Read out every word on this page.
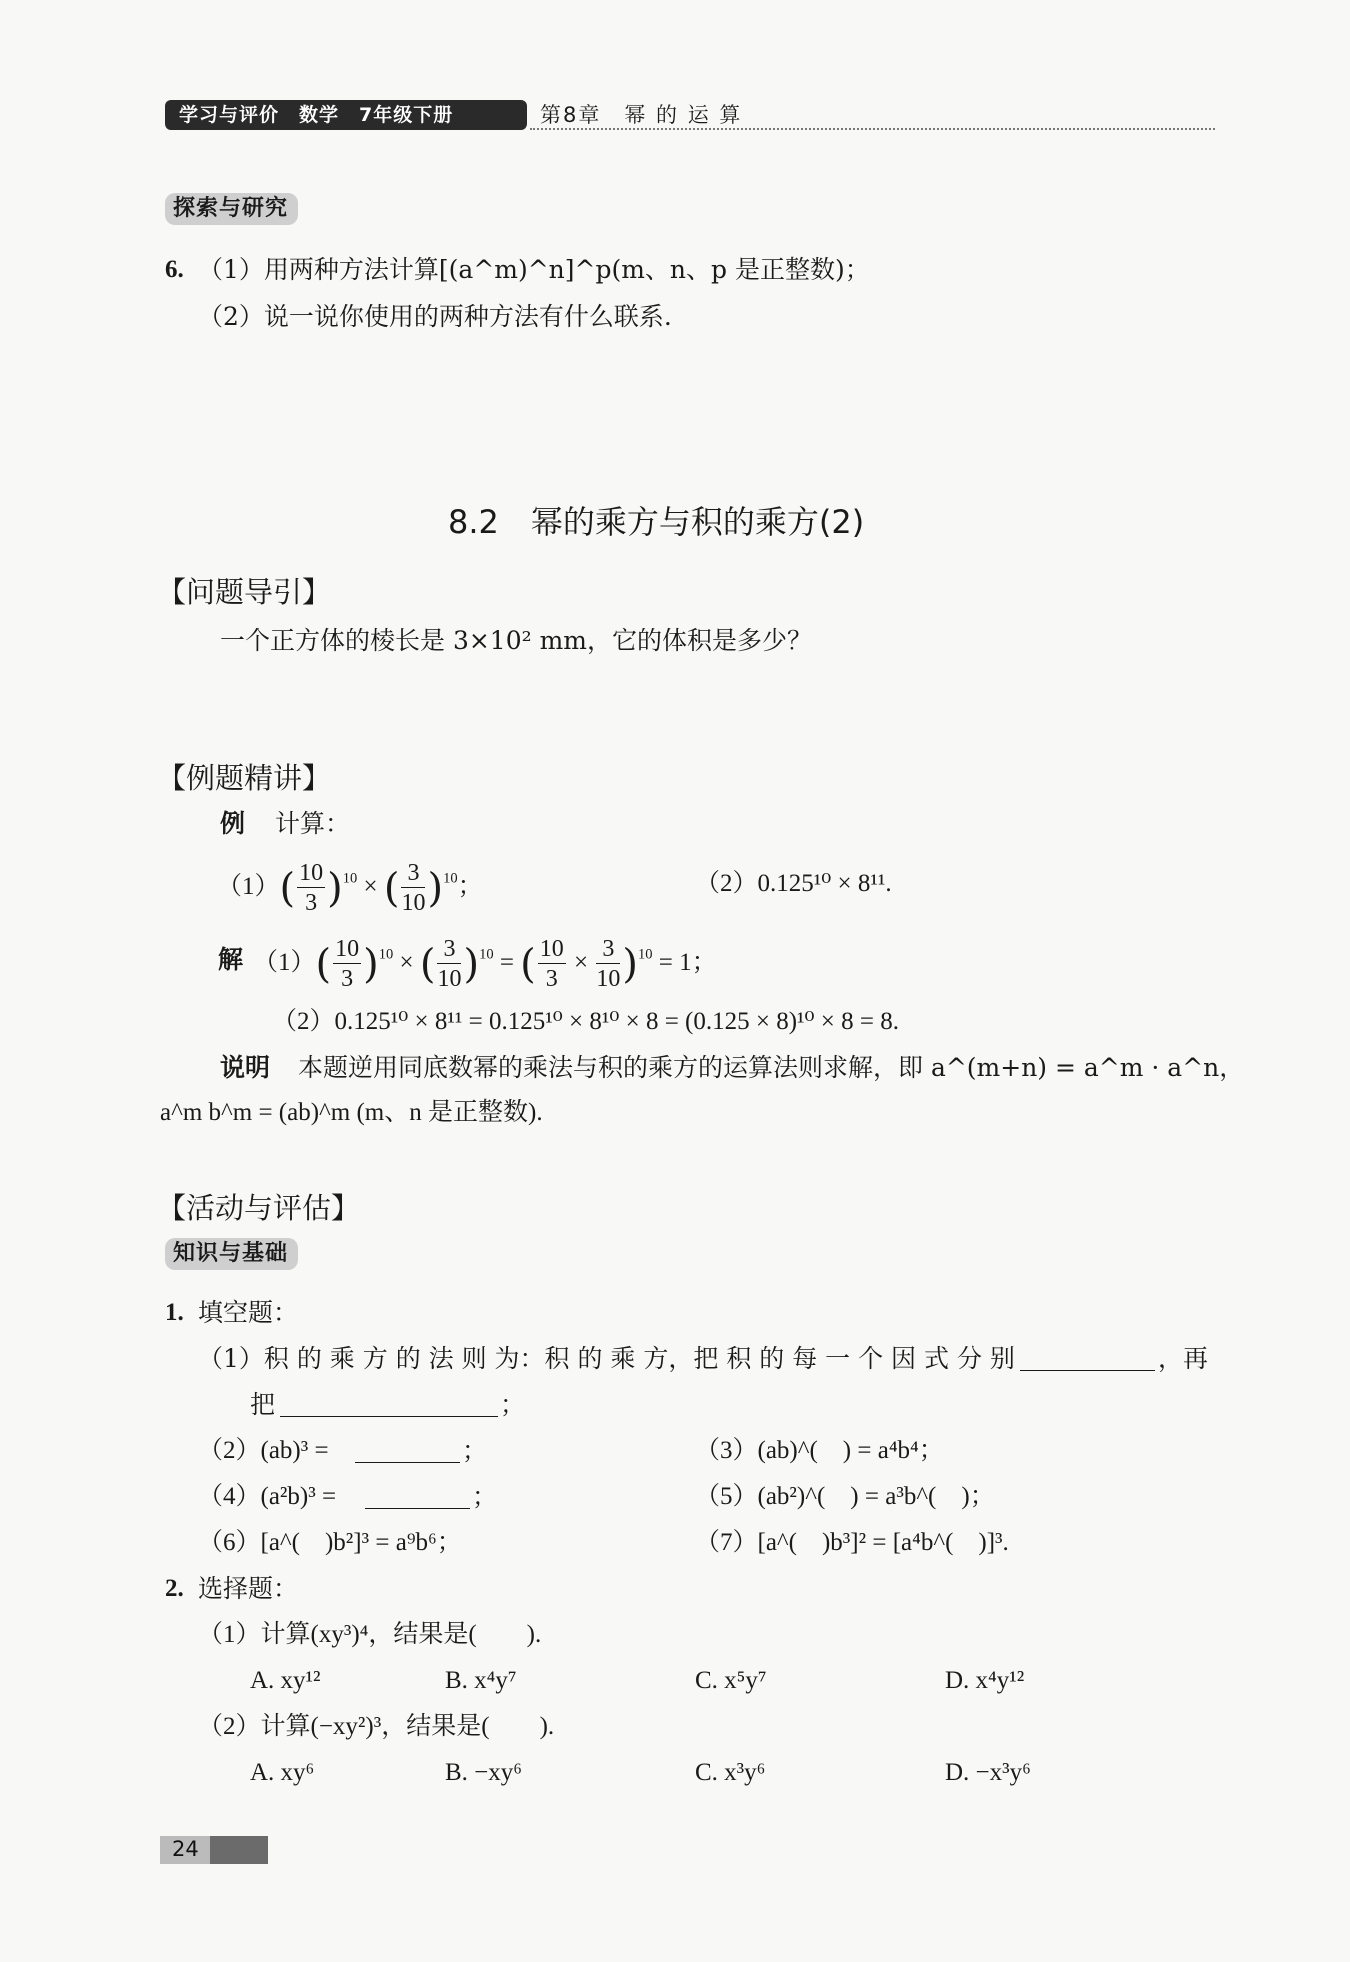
学习与评价　数学　7年级下册	第8章　幂 的 运 算
探索与研究
6. （1）用两种方法计算[(a^m)^n]^p(m、n、p 是正整数)；
（2）说一说你使用的两种方法有什么联系.
8.2　幂的乘方与积的乘方(2)
【问题导引】
一个正方体的棱长是 3×10² mm，它的体积是多少？
【例题精讲】
例 计算：
$(1)( \frac{10}{3} )^{10}$ × ( $\frac{3}{10} )^{10}$；	（2）0.125¹⁰ × 8¹¹.
解 $(1)( \frac{10}{3} )^{10}$ × ( $\frac{3}{10} )^{10}$ = ( $\frac{10}{3} \times \frac{3}{10} )^{10} = 1$；
（2）0.125¹⁰ × 8¹¹ = 0.125¹⁰ × 8¹⁰ × 8 = (0.125 × 8)¹⁰ × 8 = 8.
说明 本题逆用同底数幂的乘法与积的乘方的运算法则求解，即 a^(m+n) = a^m · a^n，
a^m b^m = (ab)^m (m、n 是正整数).
【活动与评估】
知识与基础
1. 填空题：
（1）积 的 乘 方 的 法 则 为：积 的 乘 方，把 积 的 每 一 个 因 式 分 别	，再
把	；
（2）(ab)³ =	；	（3）(ab)^(　) = a⁴b⁴；
（4）(a²b)³ =	；	（5）(ab²)^(　) = a³b^(　)；
（6）[a^(　)b²]³ = a⁹b⁶；	（7）[a^(　)b³]² = [a⁴b^(　)]³.
2. 选择题：
（1）计算(xy³)⁴，结果是(　　).
A. xy¹²	B. x⁴y⁷	C. x⁵y⁷	D. x⁴y¹²
（2）计算(−xy²)³，结果是(　　).
A. xy⁶	B. −xy⁶	C. x³y⁶	D. −x³y⁶
24
